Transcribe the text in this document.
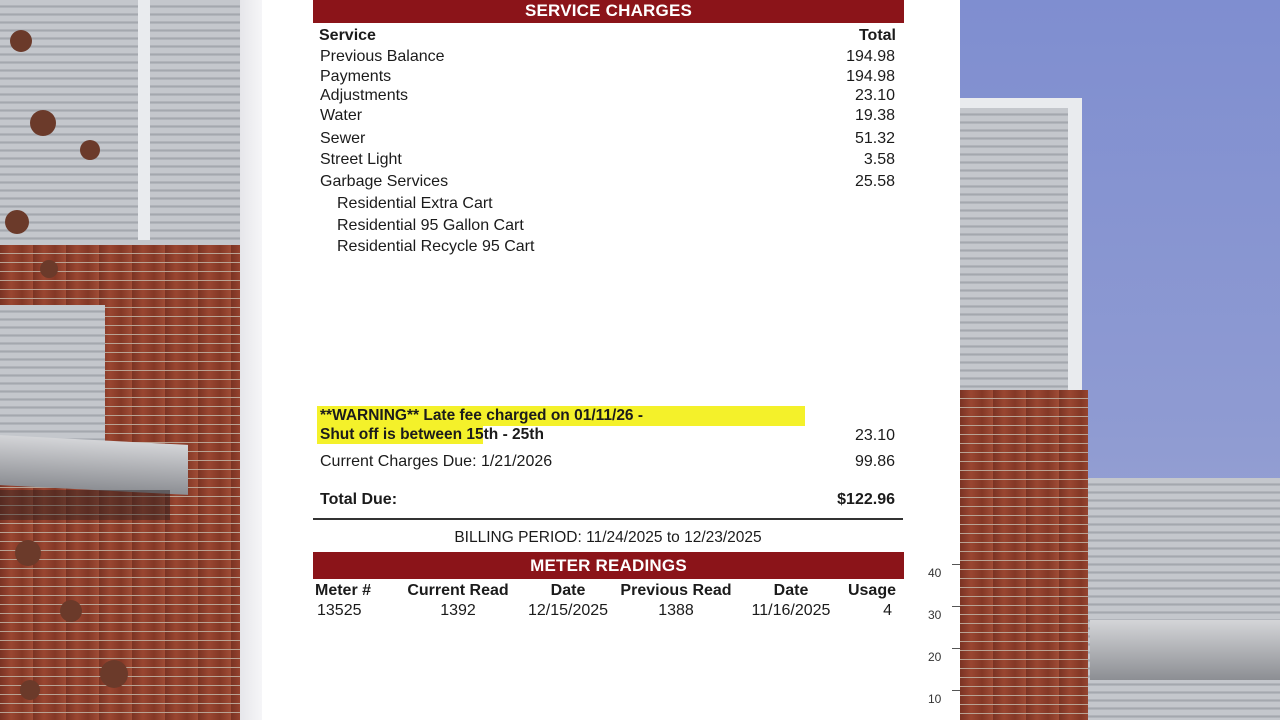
SERVICE CHARGES
Service	Total
Previous Balance	194.98
Payments	194.98
Adjustments	23.10
Water	19.38
Sewer	51.32
Street Light	3.58
Garbage Services	25.58
Residential Extra Cart
Residential 95 Gallon Cart
Residential Recycle 95 Cart
**WARNING** Late fee charged on 01/11/26 -
Shut off is between 15th - 25th	23.10
Current Charges Due: 1/21/2026	99.86
Total Due:	$122.96
BILLING PERIOD: 11/24/2025 to 12/23/2025
METER READINGS
Meter #	Current Read	Date	Previous Read	Date	Usage
13525	1392	12/15/2025	1388	11/16/2025	4
40
30
20
10
